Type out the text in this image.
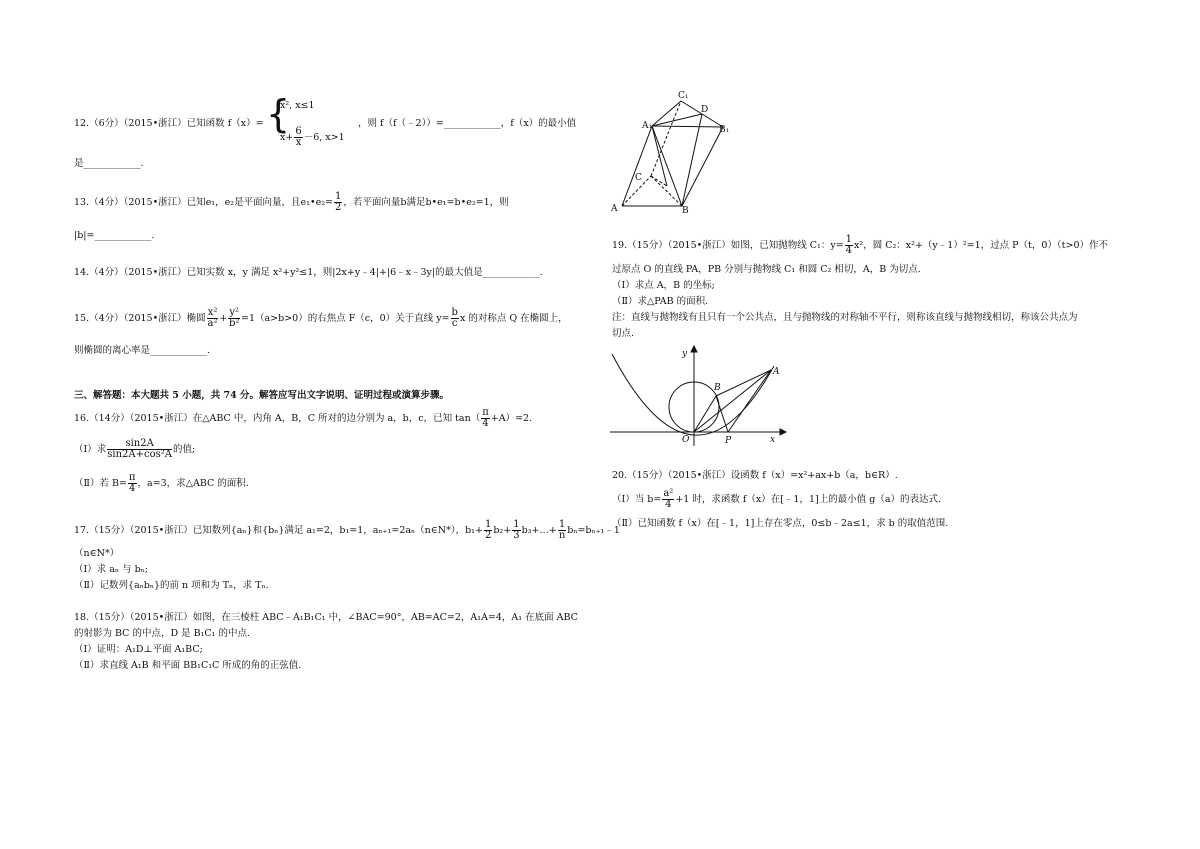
12.（6分）（2015•浙江）已知函数 f（x）= {
x², x≤1
$x+ \frac{6}{x} -6$, x>1
，则 f（f（﹣2））=____________，f（x）的最小值
是____________.
13.（4分）（2015•浙江）已知e₁，e₂是平面向量，且e₁•e₂= $\frac{1}{2}$ ，若平面向量b满足b•e₁=b•e₂=1，则
|b|=____________.
14.（4分）（2015•浙江）已知实数 x，y 满足 x²+y²≤1，则|2x+y﹣4|+|6﹣x﹣3y|的最大值是____________.
15.（4分）（2015•浙江）椭圆 $\frac{\text{x²}}{\text{a²}} + \frac{\text{y²}}{\text{b²}} =1(a>b>0)$的右焦点 F（c，0）关于直线 $y= \frac{b}{c}$ x 的对称点 Q 在椭圆上，
则椭圆的离心率是____________.
三、解答题：本大题共 5 小题，共 74 分。解答应写出文字说明、证明过程或演算步骤。
16.（14分）（2015•浙江）在△ABC 中，内角 A，B，C 所对的边分别为 a，b，c，已知 $\tan( \frac{\pi}{4} +A)=2$.
（Ⅰ）求 $\frac{\sin 2A}{\text{sin2A+cos²A}}$ 的值;
（Ⅱ）若 $B= \frac{\pi}{4}$ ，a=3，求△ABC 的面积.
17.（15分）（2015•浙江）已知数列{aₙ}和{bₙ}满足 a₁=2，b₁=1，aₙ₊₁=2aₙ（n∈N*），$b_1+ \frac{1}{2} b_2+ \frac{1}{3}$ b₃+…+ $\frac{1}{n}$ bₙ=bₙ₊₁﹣1
（n∈N*）
（Ⅰ）求 aₙ 与 bₙ;
（Ⅱ）记数列{aₙbₙ}的前 n 项和为 Tₙ，求 Tₙ.
18.（15分）（2015•浙江）如图，在三棱柱 ABC﹣A₁B₁C₁ 中，∠BAC=90°，AB=AC=2，A₁A=4，A₁ 在底面 ABC
的射影为 BC 的中点，D 是 B₁C₁ 的中点.
（Ⅰ）证明：A₁D⊥平面 A₁BC;
（Ⅱ）求直线 A₁B 和平面 BB₁C₁C 所成的角的正弦值.
C₁
D
A₁	B₁
C
A	B
19.（15分）（2015•浙江）如图，已知抛物线 C₁：$y= \frac{1}{4} x^2$，圆 C₂：x²+（y﹣1）²=1，过点 P（t，0）（t>0）作不
过原点 O 的直线 PA，PB 分别与抛物线 C₁ 和圆 C₂ 相切，A，B 为切点.
（Ⅰ）求点 A，B 的坐标;
（Ⅱ）求△PAB 的面积.
注：直线与抛物线有且只有一个公共点，且与抛物线的对称轴不平行，则称该直线与抛物线相切，称该公共点为
切点.
y
x
O
A
B
P
20.（15分）（2015•浙江）设函数 f（x）=x²+ax+b（a，b∈R）.
（Ⅰ）当 $b= \frac{\text{a²}}{4} +1$ 时，求函数 f（x）在[﹣1，1]上的最小值 g（a）的表达式.
（Ⅱ）已知函数 f（x）在[﹣1，1]上存在零点，0≤b﹣2a≤1，求 b 的取值范围.
